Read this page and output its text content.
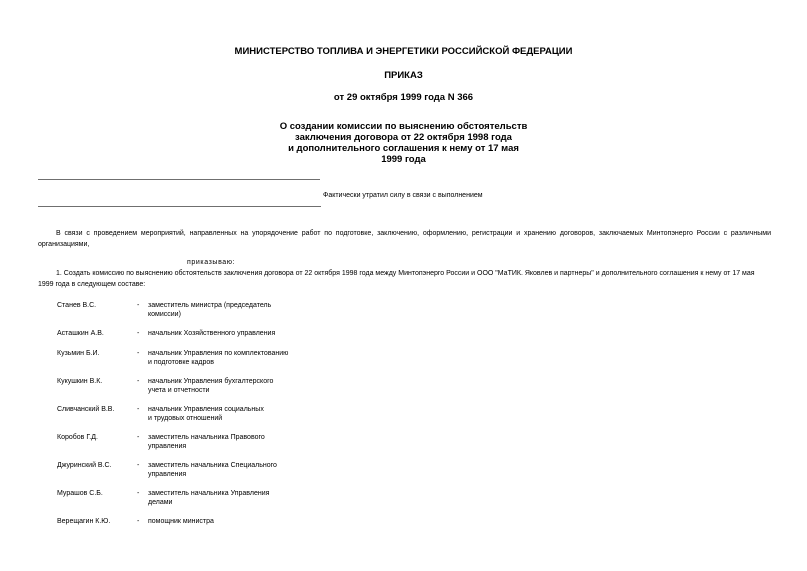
МИНИСТЕРСТВО ТОПЛИВА И ЭНЕРГЕТИКИ РОССИЙСКОЙ ФЕДЕРАЦИИ
ПРИКАЗ
от 29 октября 1999 года N 366
О создании комиссии по выяснению обстоятельств
заключения договора от 22 октября 1998 года
и дополнительного соглашения к нему от 17 мая
1999 года
Фактически утратил силу в связи с выполнением
В связи с проведением мероприятий, направленных на упорядочение работ по подготовке, заключению, оформлению, регистрации и хранению договоров, заключаемых Минтопэнерго России с различными организациями,
приказываю:
1. Создать комиссию по выяснению обстоятельств заключения договора от 22 октября 1998 года между Минтопэнерго России и ООО "МаТИК. Яковлев и партнеры" и дополнительного соглашения к нему от 17 мая 1999 года в следующем составе:
Станев В.С.	- заместитель министра (председатель
комиссии)
Асташкин А.В.	- начальник Хозяйственного управления
Кузьмин Б.И.	- начальник Управления по комплектованию
и подготовке кадров
Кукушкин В.К.	- начальник Управления бухгалтерского
учета и отчетности
Сливчанский В.В.	- начальник Управления социальных
и трудовых отношений
Коробов Г.Д.	- заместитель начальника Правового
управления
Джуринский В.С.	- заместитель начальника Специального
управления
Мурашов С.Б.	- заместитель начальника Управления
делами
Верещагин К.Ю.	- помощник министра
